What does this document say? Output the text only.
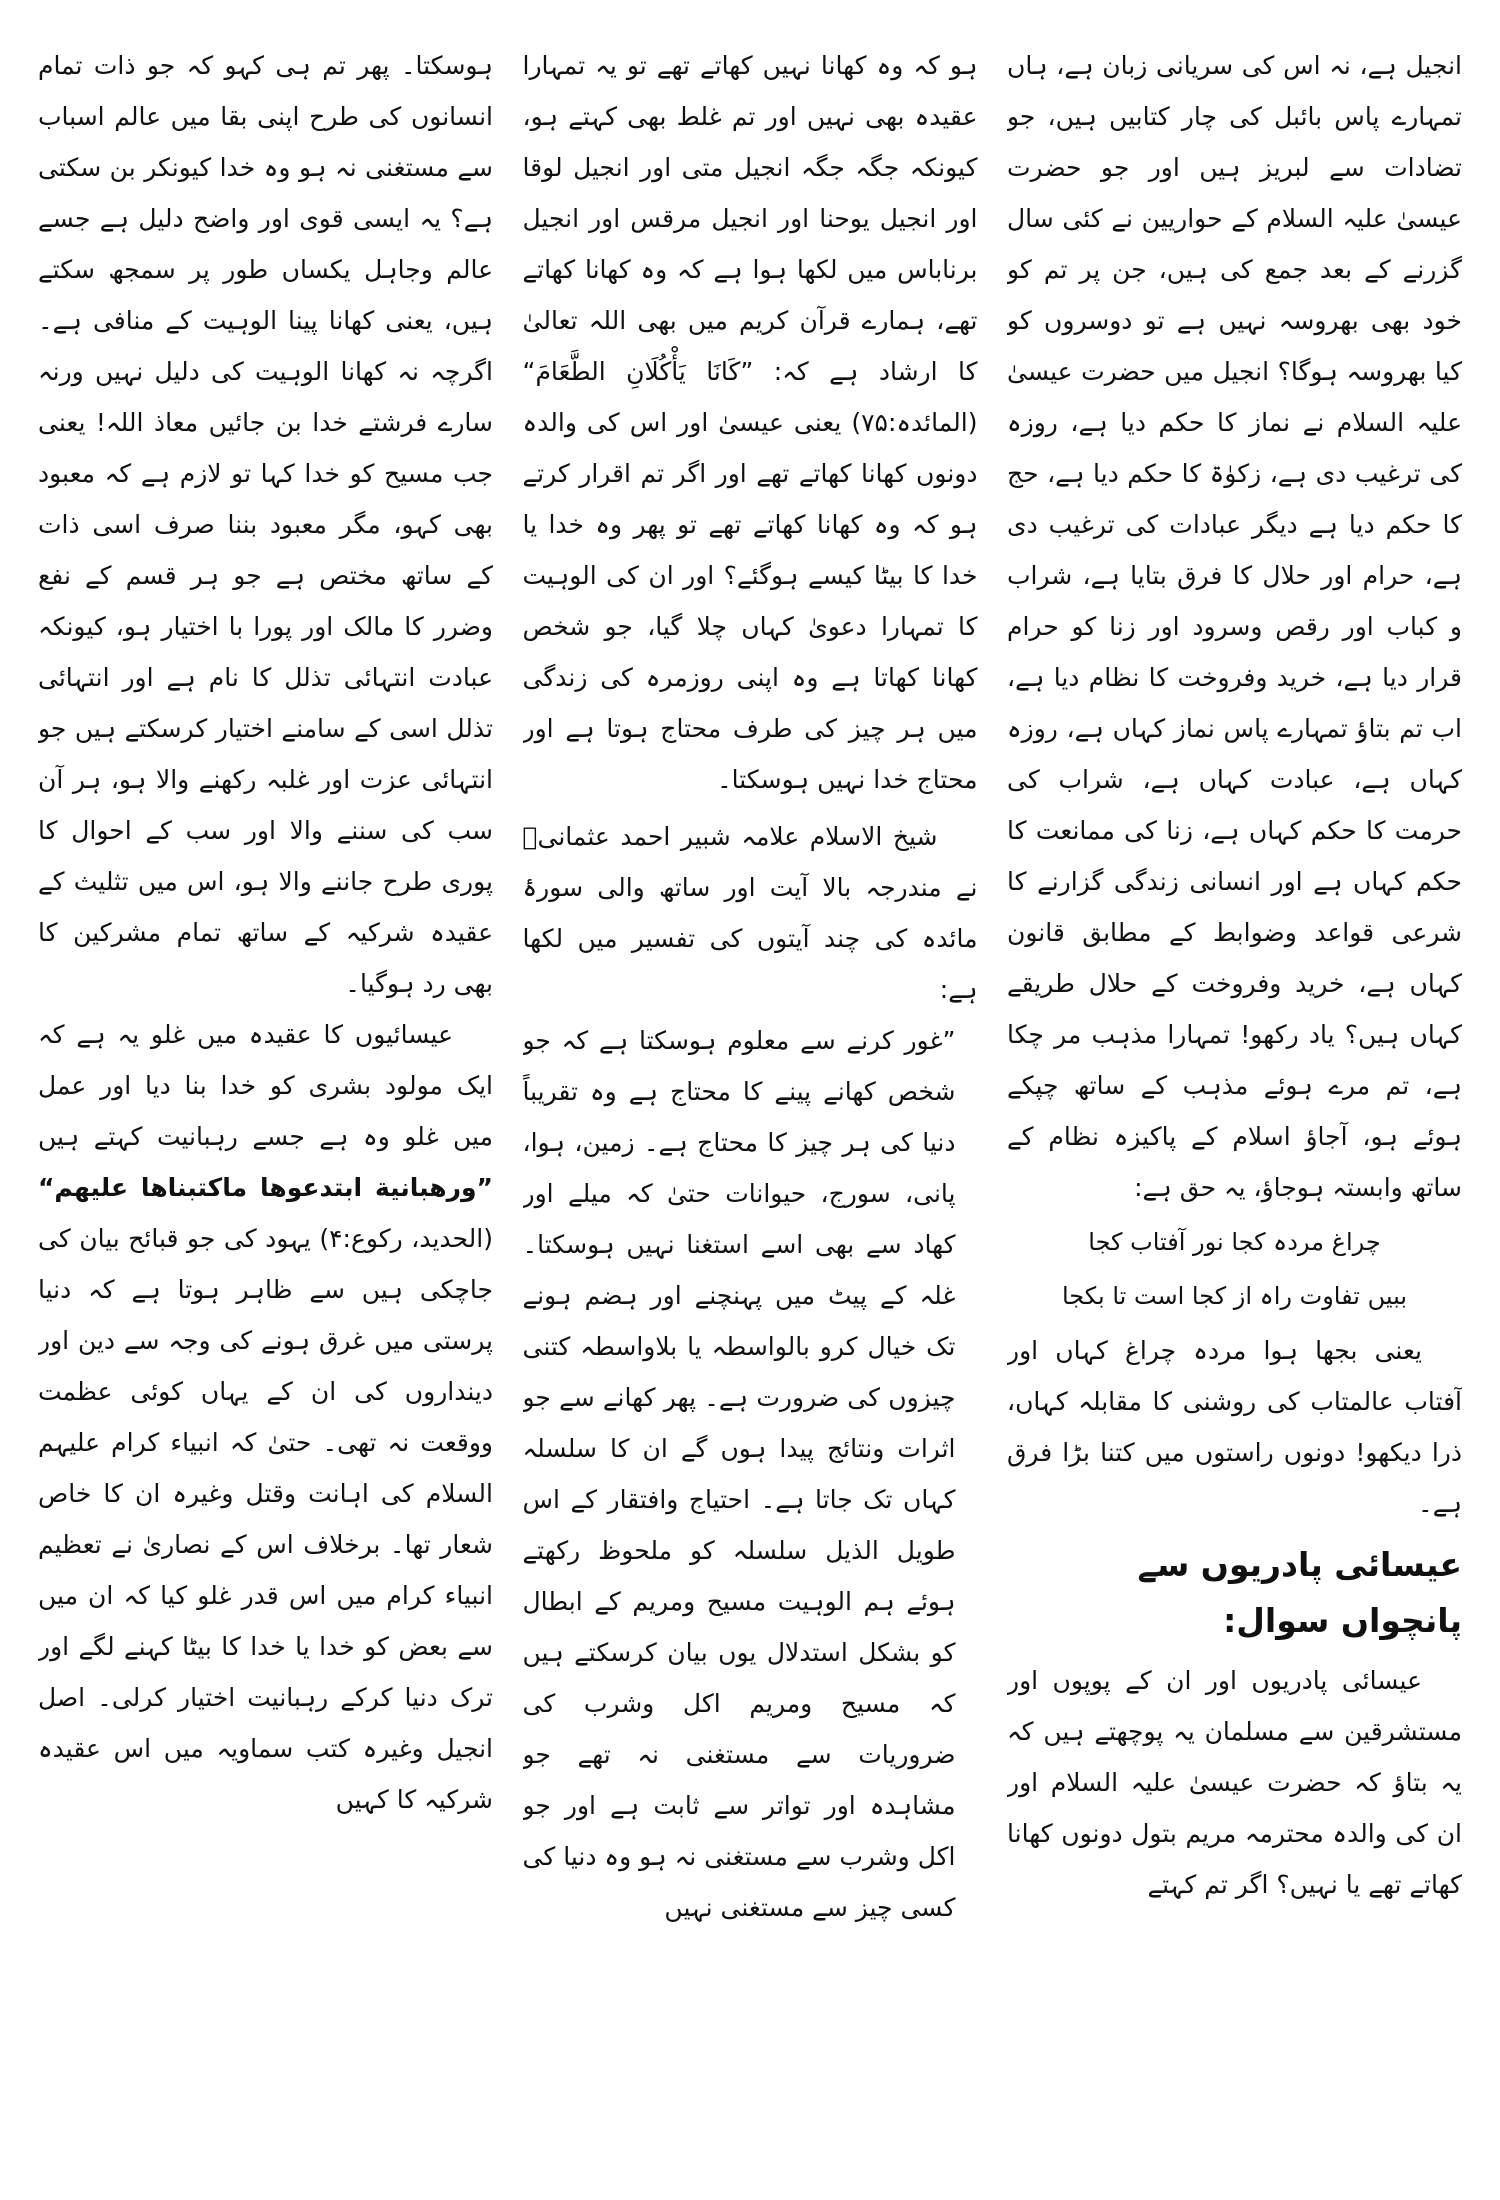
انجیل ہے، نہ اس کی سریانی زبان ہے، ہاں تمہارے پاس بائبل کی چار کتابیں ہیں، جو تضادات سے لبریز ہیں اور جو حضرت عیسیٰ علیہ السلام کے حواریین نے کئی سال گزرنے کے بعد جمع کی ہیں، جن پر تم کو خود بھی بھروسہ نہیں ہے تو دوسروں کو کیا بھروسہ ہوگا؟ انجیل میں حضرت عیسیٰ علیہ السلام نے نماز کا حکم دیا ہے، روزہ کی ترغیب دی ہے، زکوٰۃ کا حکم دیا ہے، حج کا حکم دیا ہے دیگر عبادات کی ترغیب دی ہے، حرام اور حلال کا فرق بتایا ہے، شراب و کباب اور رقص وسرود اور زنا کو حرام قرار دیا ہے، خرید وفروخت کا نظام دیا ہے، اب تم بتاؤ تمہارے پاس نماز کہاں ہے، روزہ کہاں ہے، عبادت کہاں ہے، شراب کی حرمت کا حکم کہاں ہے، زنا کی ممانعت کا حکم کہاں ہے اور انسانی زندگی گزارنے کا شرعی قواعد وضوابط کے مطابق قانون کہاں ہے، خرید وفروخت کے حلال طریقے کہاں ہیں؟ یاد رکھو! تمہارا مذہب مر چکا ہے، تم مرے ہوئے مذہب کے ساتھ چپکے ہوئے ہو، آجاؤ اسلام کے پاکیزہ نظام کے ساتھ وابستہ ہوجاؤ، یہ حق ہے:
چراغ مردہ کجا نور آفتاب کجا
ببیں تفاوت راہ از کجا است تا بکجا
یعنی بجھا ہوا مردہ چراغ کہاں اور آفتاب عالمتاب کی روشنی کا مقابلہ کہاں، ذرا دیکھو! دونوں راستوں میں کتنا بڑا فرق ہے۔
عیسائی پادریوں سے پانچواں سوال:
عیسائی پادریوں اور ان کے پوپوں اور مستشرقین سے مسلمان یہ پوچھتے ہیں کہ یہ بتاؤ کہ حضرت عیسیٰ علیہ السلام اور ان کی والدہ محترمہ مریم بتول دونوں کھانا کھاتے تھے یا نہیں؟ اگر تم کہتے
ہو کہ وہ کھانا نہیں کھاتے تھے تو یہ تمہارا عقیدہ بھی نہیں اور تم غلط بھی کہتے ہو، کیونکہ جگہ جگہ انجیل متی اور انجیل لوقا اور انجیل یوحنا اور انجیل مرقس اور انجیل برناباس میں لکھا ہوا ہے کہ وہ کھانا کھاتے تھے، ہمارے قرآن کریم میں بھی اللہ تعالیٰ کا ارشاد ہے کہ: ”كَانَا يَأْكُلَانِ الطَّعَامَ“ (المائدہ:۷۵) یعنی عیسیٰ اور اس کی والدہ دونوں کھانا کھاتے تھے اور اگر تم اقرار کرتے ہو کہ وہ کھانا کھاتے تھے تو پھر وہ خدا یا خدا کا بیٹا کیسے ہوگئے؟ اور ان کی الوہیت کا تمہارا دعویٰ کہاں چلا گیا، جو شخص کھانا کھاتا ہے وہ اپنی روزمرہ کی زندگی میں ہر چیز کی طرف محتاج ہوتا ہے اور محتاج خدا نہیں ہوسکتا۔
شیخ الاسلام علامہ شبیر احمد عثمانیؒ نے مندرجہ بالا آیت اور ساتھ والی سورۂ مائدہ کی چند آیتوں کی تفسیر میں لکھا ہے:
”غور کرنے سے معلوم ہوسکتا ہے کہ جو شخص کھانے پینے کا محتاج ہے وہ تقریباً دنیا کی ہر چیز کا محتاج ہے۔ زمین، ہوا، پانی، سورج، حیوانات حتیٰ کہ میلے اور کھاد سے بھی اسے استغنا نہیں ہوسکتا۔ غلہ کے پیٹ میں پہنچنے اور ہضم ہونے تک خیال کرو بالواسطہ یا بلاواسطہ کتنی چیزوں کی ضرورت ہے۔ پھر کھانے سے جو اثرات ونتائج پیدا ہوں گے ان کا سلسلہ کہاں تک جاتا ہے۔ احتیاج وافتقار کے اس طویل الذیل سلسلہ کو ملحوظ رکھتے ہوئے ہم الوہیت مسیح ومریم کے ابطال کو بشکل استدلال یوں بیان کرسکتے ہیں کہ مسیح ومریم اکل وشرب کی ضروریات سے مستغنی نہ تھے جو مشاہدہ اور تواتر سے ثابت ہے اور جو اکل وشرب سے مستغنی نہ ہو وہ دنیا کی کسی چیز سے مستغنی نہیں
ہوسکتا۔ پھر تم ہی کہو کہ جو ذات تمام انسانوں کی طرح اپنی بقا میں عالم اسباب سے مستغنی نہ ہو وہ خدا کیونکر بن سکتی ہے؟ یہ ایسی قوی اور واضح دلیل ہے جسے عالم وجاہل یکساں طور پر سمجھ سکتے ہیں، یعنی کھانا پینا الوہیت کے منافی ہے۔ اگرچہ نہ کھانا الوہیت کی دلیل نہیں ورنہ سارے فرشتے خدا بن جائیں معاذ اللہ! یعنی جب مسیح کو خدا کہا تو لازم ہے کہ معبود بھی کہو، مگر معبود بننا صرف اسی ذات کے ساتھ مختص ہے جو ہر قسم کے نفع وضرر کا مالک اور پورا با اختیار ہو، کیونکہ عبادت انتہائی تذلل کا نام ہے اور انتہائی تذلل اسی کے سامنے اختیار کرسکتے ہیں جو انتہائی عزت اور غلبہ رکھنے والا ہو، ہر آن سب کی سننے والا اور سب کے احوال کا پوری طرح جاننے والا ہو، اس میں تثلیث کے عقیدہ شرکیہ کے ساتھ تمام مشرکین کا بھی رد ہوگیا۔
عیسائیوں کا عقیدہ میں غلو یہ ہے کہ ایک مولود بشری کو خدا بنا دیا اور عمل میں غلو وہ ہے جسے رہبانیت کہتے ہیں ”ورهبانية ابتدعوها ماكتبناها عليهم“ (الحدید، رکوع:۴) یہود کی جو قبائح بیان کی جاچکی ہیں سے ظاہر ہوتا ہے کہ دنیا پرستی میں غرق ہونے کی وجہ سے دین اور دینداروں کی ان کے یہاں کوئی عظمت ووقعت نہ تھی۔ حتیٰ کہ انبیاء کرام علیہم السلام کی اہانت وقتل وغیرہ ان کا خاص شعار تھا۔ برخلاف اس کے نصاریٰ نے تعظیم انبیاء کرام میں اس قدر غلو کیا کہ ان میں سے بعض کو خدا یا خدا کا بیٹا کہنے لگے اور ترک دنیا کرکے رہبانیت اختیار کرلی۔ اصل انجیل وغیرہ کتب سماویہ میں اس عقیدہ شرکیہ کا کہیں
